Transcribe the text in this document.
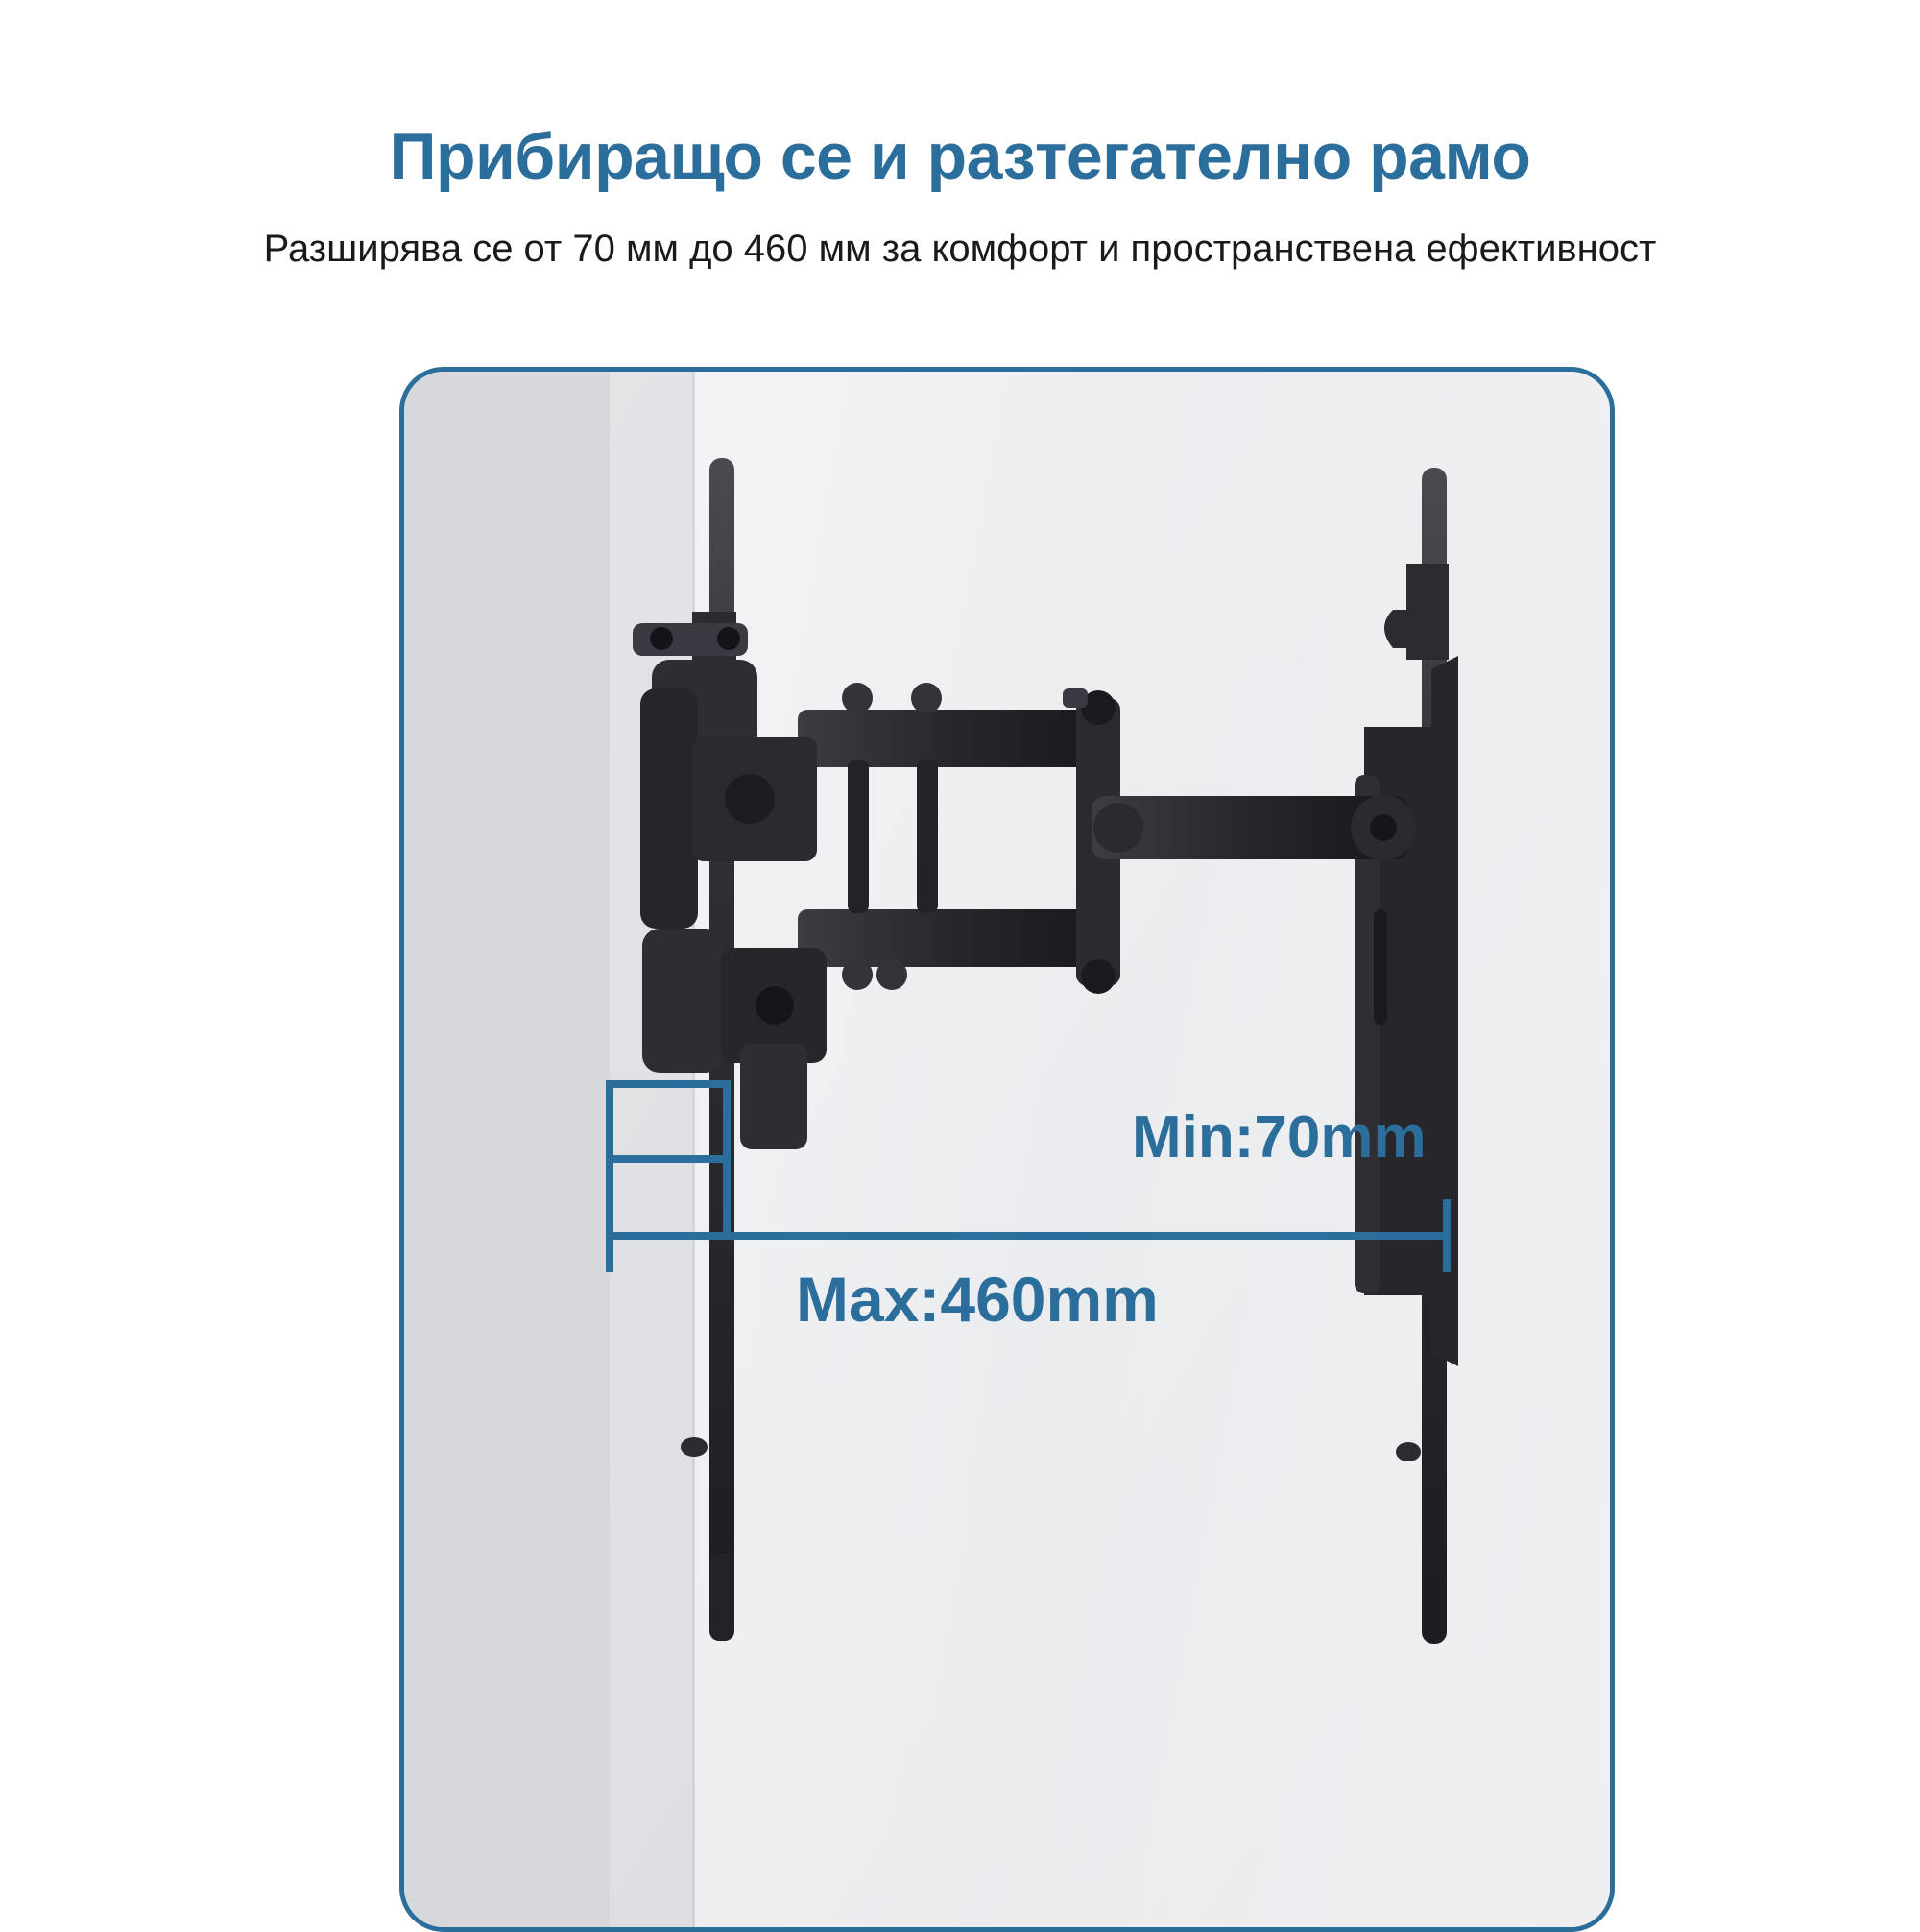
Прибиращо се и разтегателно рамо

Разширява се от 70 мм до 460 мм за комфорт и пространствена ефективност

Min:70mm
Max:460mm
